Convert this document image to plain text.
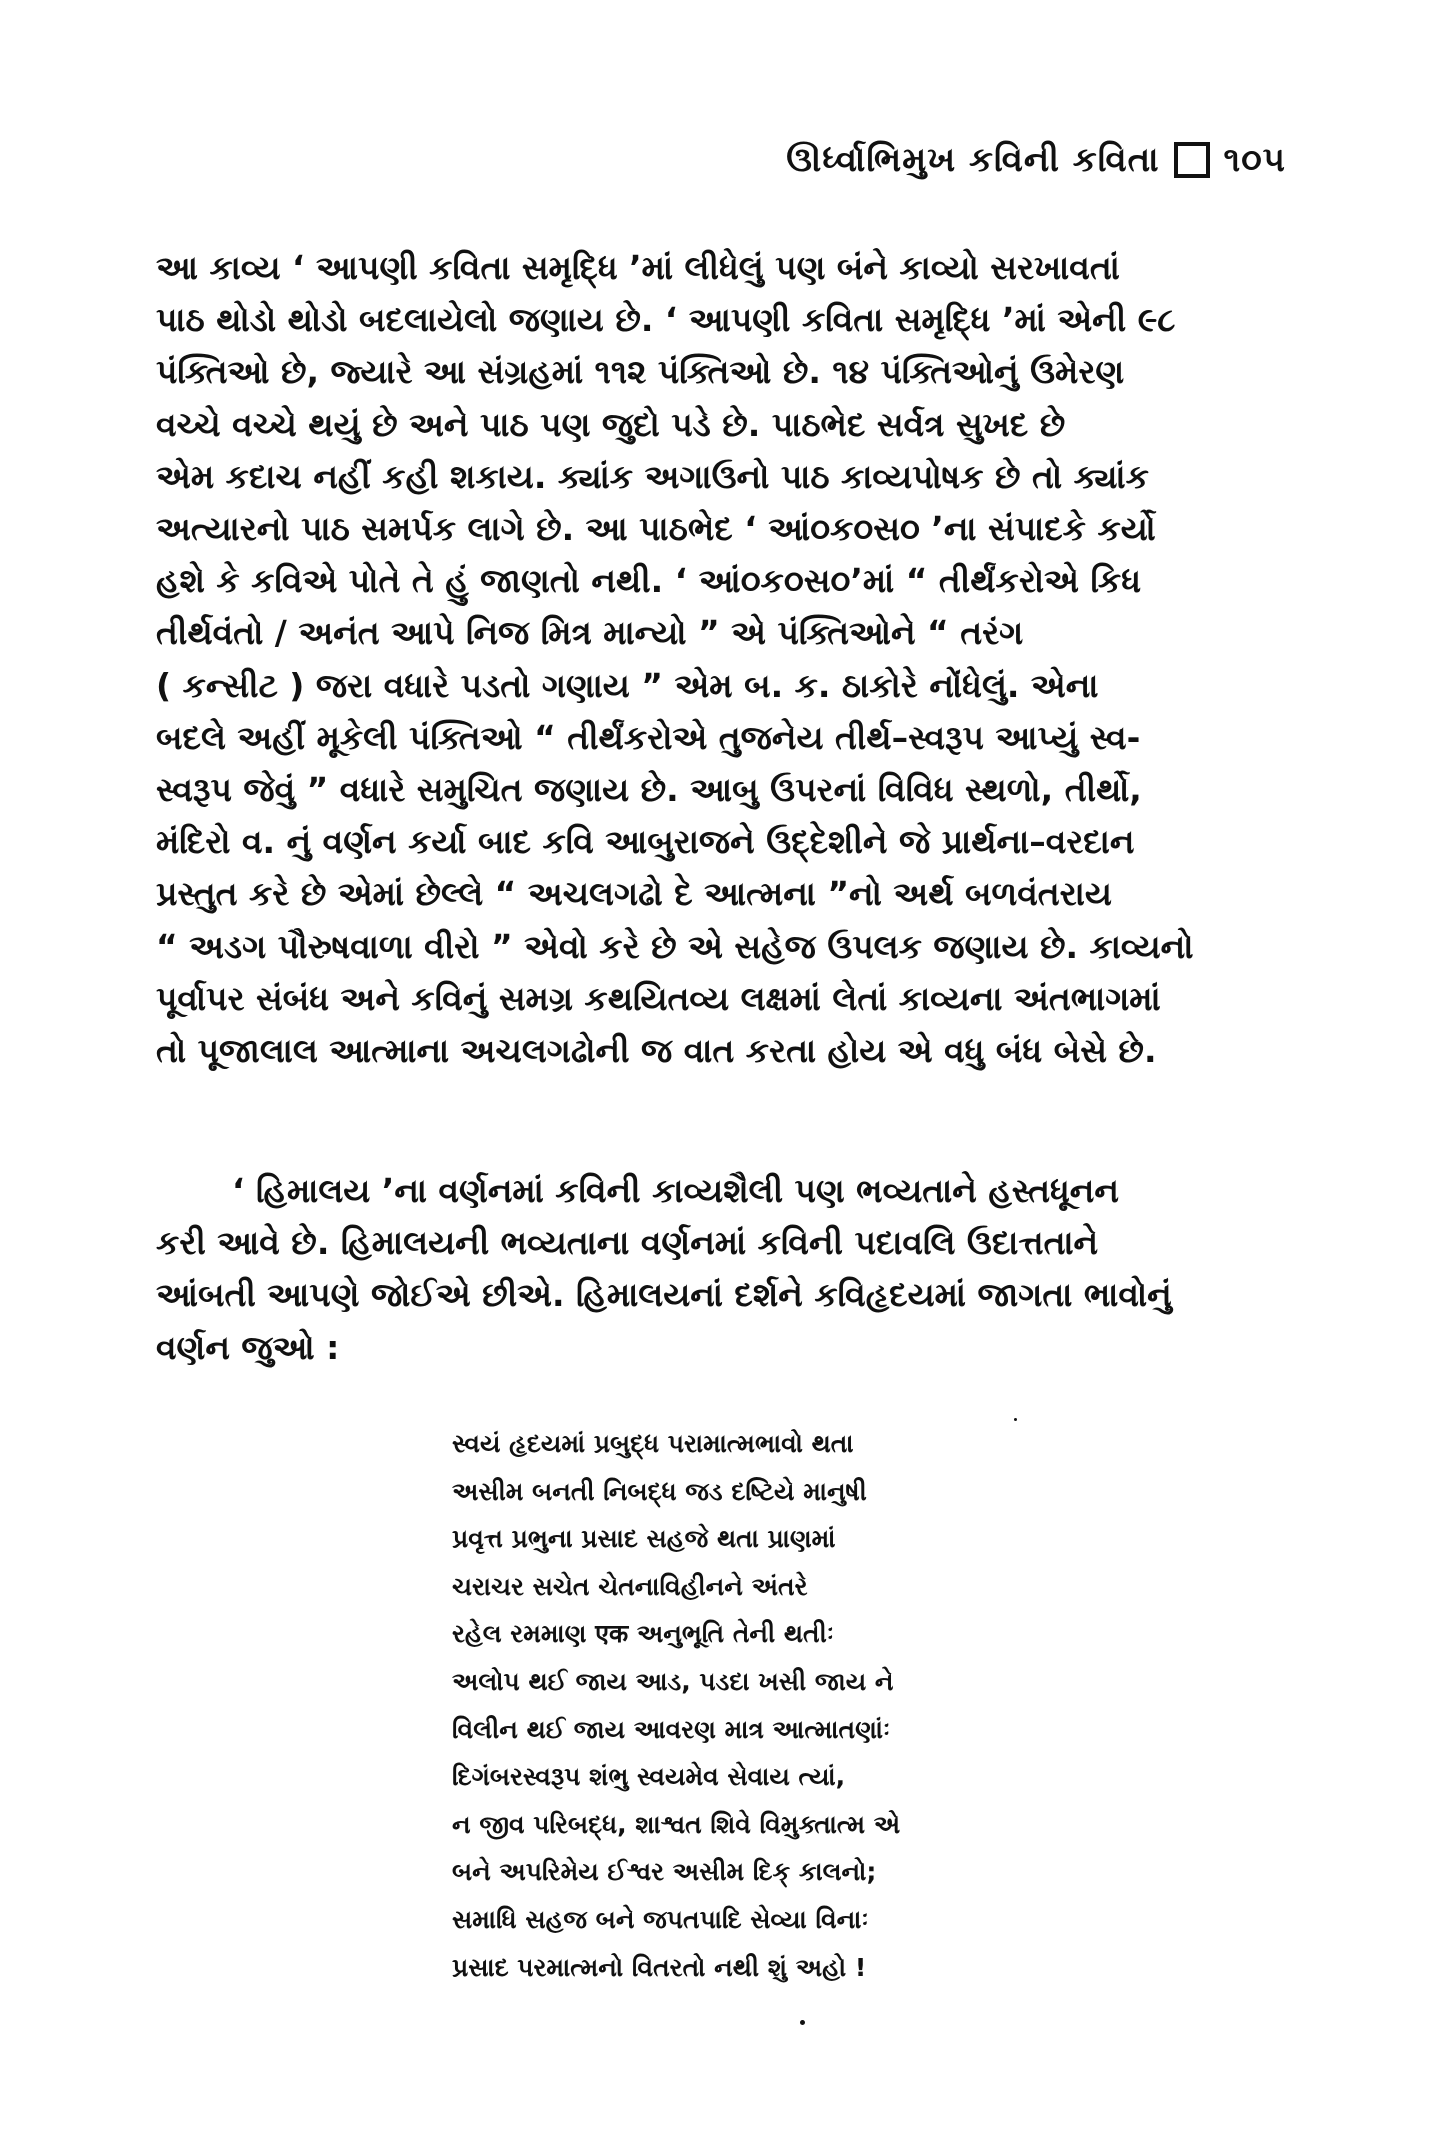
ઊર્ધ્વાભિમુખ કવિની કવિતા ૧૦૫
આ કાવ્ય ‘ આપણી કવિતા સમૃદ્ધિ ’માં લીધેલું પણ બંને કાવ્યો સરખાવતાં
પાઠ થોડો થોડો બદલાયેલો જણાય છે. ‘ આપણી કવિતા સમૃદ્ધિ ’માં એની ૯૮
પંક્તિઓ છે, જ્યારે આ સંગ્રહમાં ૧૧૨ પંક્તિઓ છે. ૧૪ પંક્તિઓનું ઉમેરણ
વચ્ચે વચ્ચે થયું છે અને પાઠ પણ જુદો પડે છે. પાઠભેદ સર્વત્ર સુખદ છે
એમ કદાચ નહીં કહી શકાય. ક્યાંક અગાઉનો પાઠ કાવ્યપોષક છે તો ક્યાંક
અત્યારનો પાઠ સમર્પક લાગે છે. આ પાઠભેદ ‘ આં૦ક૦સ૦ ’ના સંપાદકે કર્યો
હશે કે કવિએ પોતે તે હું જાણતો નથી. ‘ આં૦ક૦સ૦’માં “ તીર્થંકરોએ કિધ
તીર્થવંતો / અનંત આપે નિજ મિત્ર માન્યો ” એ પંક્તિઓને “ તરંગ
( કન્સીટ ) જરા વધારે પડતો ગણાય ” એમ બ. ક. ઠાકોરે નોંધેલું. એના
બદલે અહીં મૂકેલી પંક્તિઓ “ તીર્થંકરોએ તુજનેય તીર્થ–સ્વરૂપ આપ્યું સ્વ-
સ્વરૂપ જેવું ” વધારે સમુચિત જણાય છે. આબુ ઉપરનાં વિવિધ સ્થળો, તીર્થો,
મંદિરો વ. નું વર્ણન કર્યા બાદ કવિ આબુરાજને ઉદ્દેશીને જે પ્રાર્થના–વરદાન
પ્રસ્તુત કરે છે એમાં છેલ્લે “ અચલગઢો દે આત્મના ”નો અર્થ બળવંતરાય
“ અડગ પૌરુષવાળા વીરો ” એવો કરે છે એ સહેજ ઉપલક જણાય છે. કાવ્યનો
પૂર્વાપર સંબંધ અને કવિનું સમગ્ર કથયિતવ્ય લક્ષમાં લેતાં કાવ્યના અંતભાગમાં
તો પૂજાલાલ આત્માના અચલગઢોની જ વાત કરતા હોય એ વધુ બંધ બેસે છે.
‘ હિમાલય ’ના વર્ણનમાં કવિની કાવ્યશૈલી પણ ભવ્યતાને હસ્તધૂનન
કરી આવે છે. હિમાલયની ભવ્યતાના વર્ણનમાં કવિની પદાવલિ ઉદાત્તતાને
આંબતી આપણે જોઈએ છીએ. હિમાલયનાં દર્શને કવિહૃદયમાં જાગતા ભાવોનું
વર્ણન જુઓ :
સ્વયં હૃદયમાં પ્રબુદ્ધ પરામાત્મભાવો થતા
અસીમ બનતી નિબદ્ધ જડ દષ્ટિયે માનુષી
પ્રવૃત્ત પ્રભુના પ્રસાદ સહજે થતા પ્રાણમાં
ચરાચર સચેત ચેતનાવિહીનને અંતરે
રહેલ રમમાણ एक અનુભૂતિ તેની થતીઃ
અલોપ થઈ જાય આડ, પડદા ખસી જાય ને
વિલીન થઈ જાય આવરણ માત્ર આત્માતણાંઃ
દિગંબરસ્વરૂપ શંભુ સ્વયમેવ સેવાય ત્યાં,
ન જીવ પરિબદ્ધ, શાશ્વત શિવે વિમુક્તાત્મ એ
બને અપરિમેય ઈશ્વર અસીમ દિક્ કાલનો;
સમાધિ સહજ બને જપતપાદિ સેવ્યા વિનાઃ
પ્રસાદ પરમાત્મનો વિતરતો નથી શું અહો !
